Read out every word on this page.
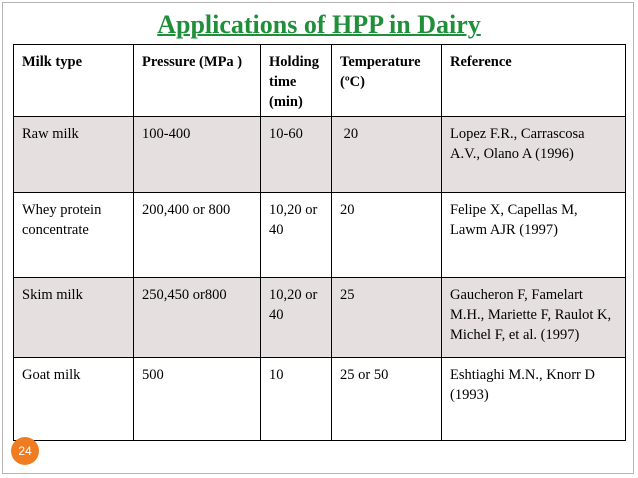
Applications of HPP in Dairy
Milk type	Pressure (MPa )	Holding time (min)	Temperature (ºC)	Reference
Raw milk	100-400	10-60	20	Lopez F.R., Carrascosa A.V., Olano A (1996)
Whey protein concentrate	200,400 or 800	10,20 or 40	20	Felipe X, Capellas M, Lawm AJR (1997)
Skim milk	250,450 or800	10,20 or 40	25	Gaucheron F, Famelart M.H., Mariette F, Raulot K, Michel F, et al. (1997)
Goat milk	500	10	25 or 50	Eshtiaghi M.N., Knorr D (1993)
24
